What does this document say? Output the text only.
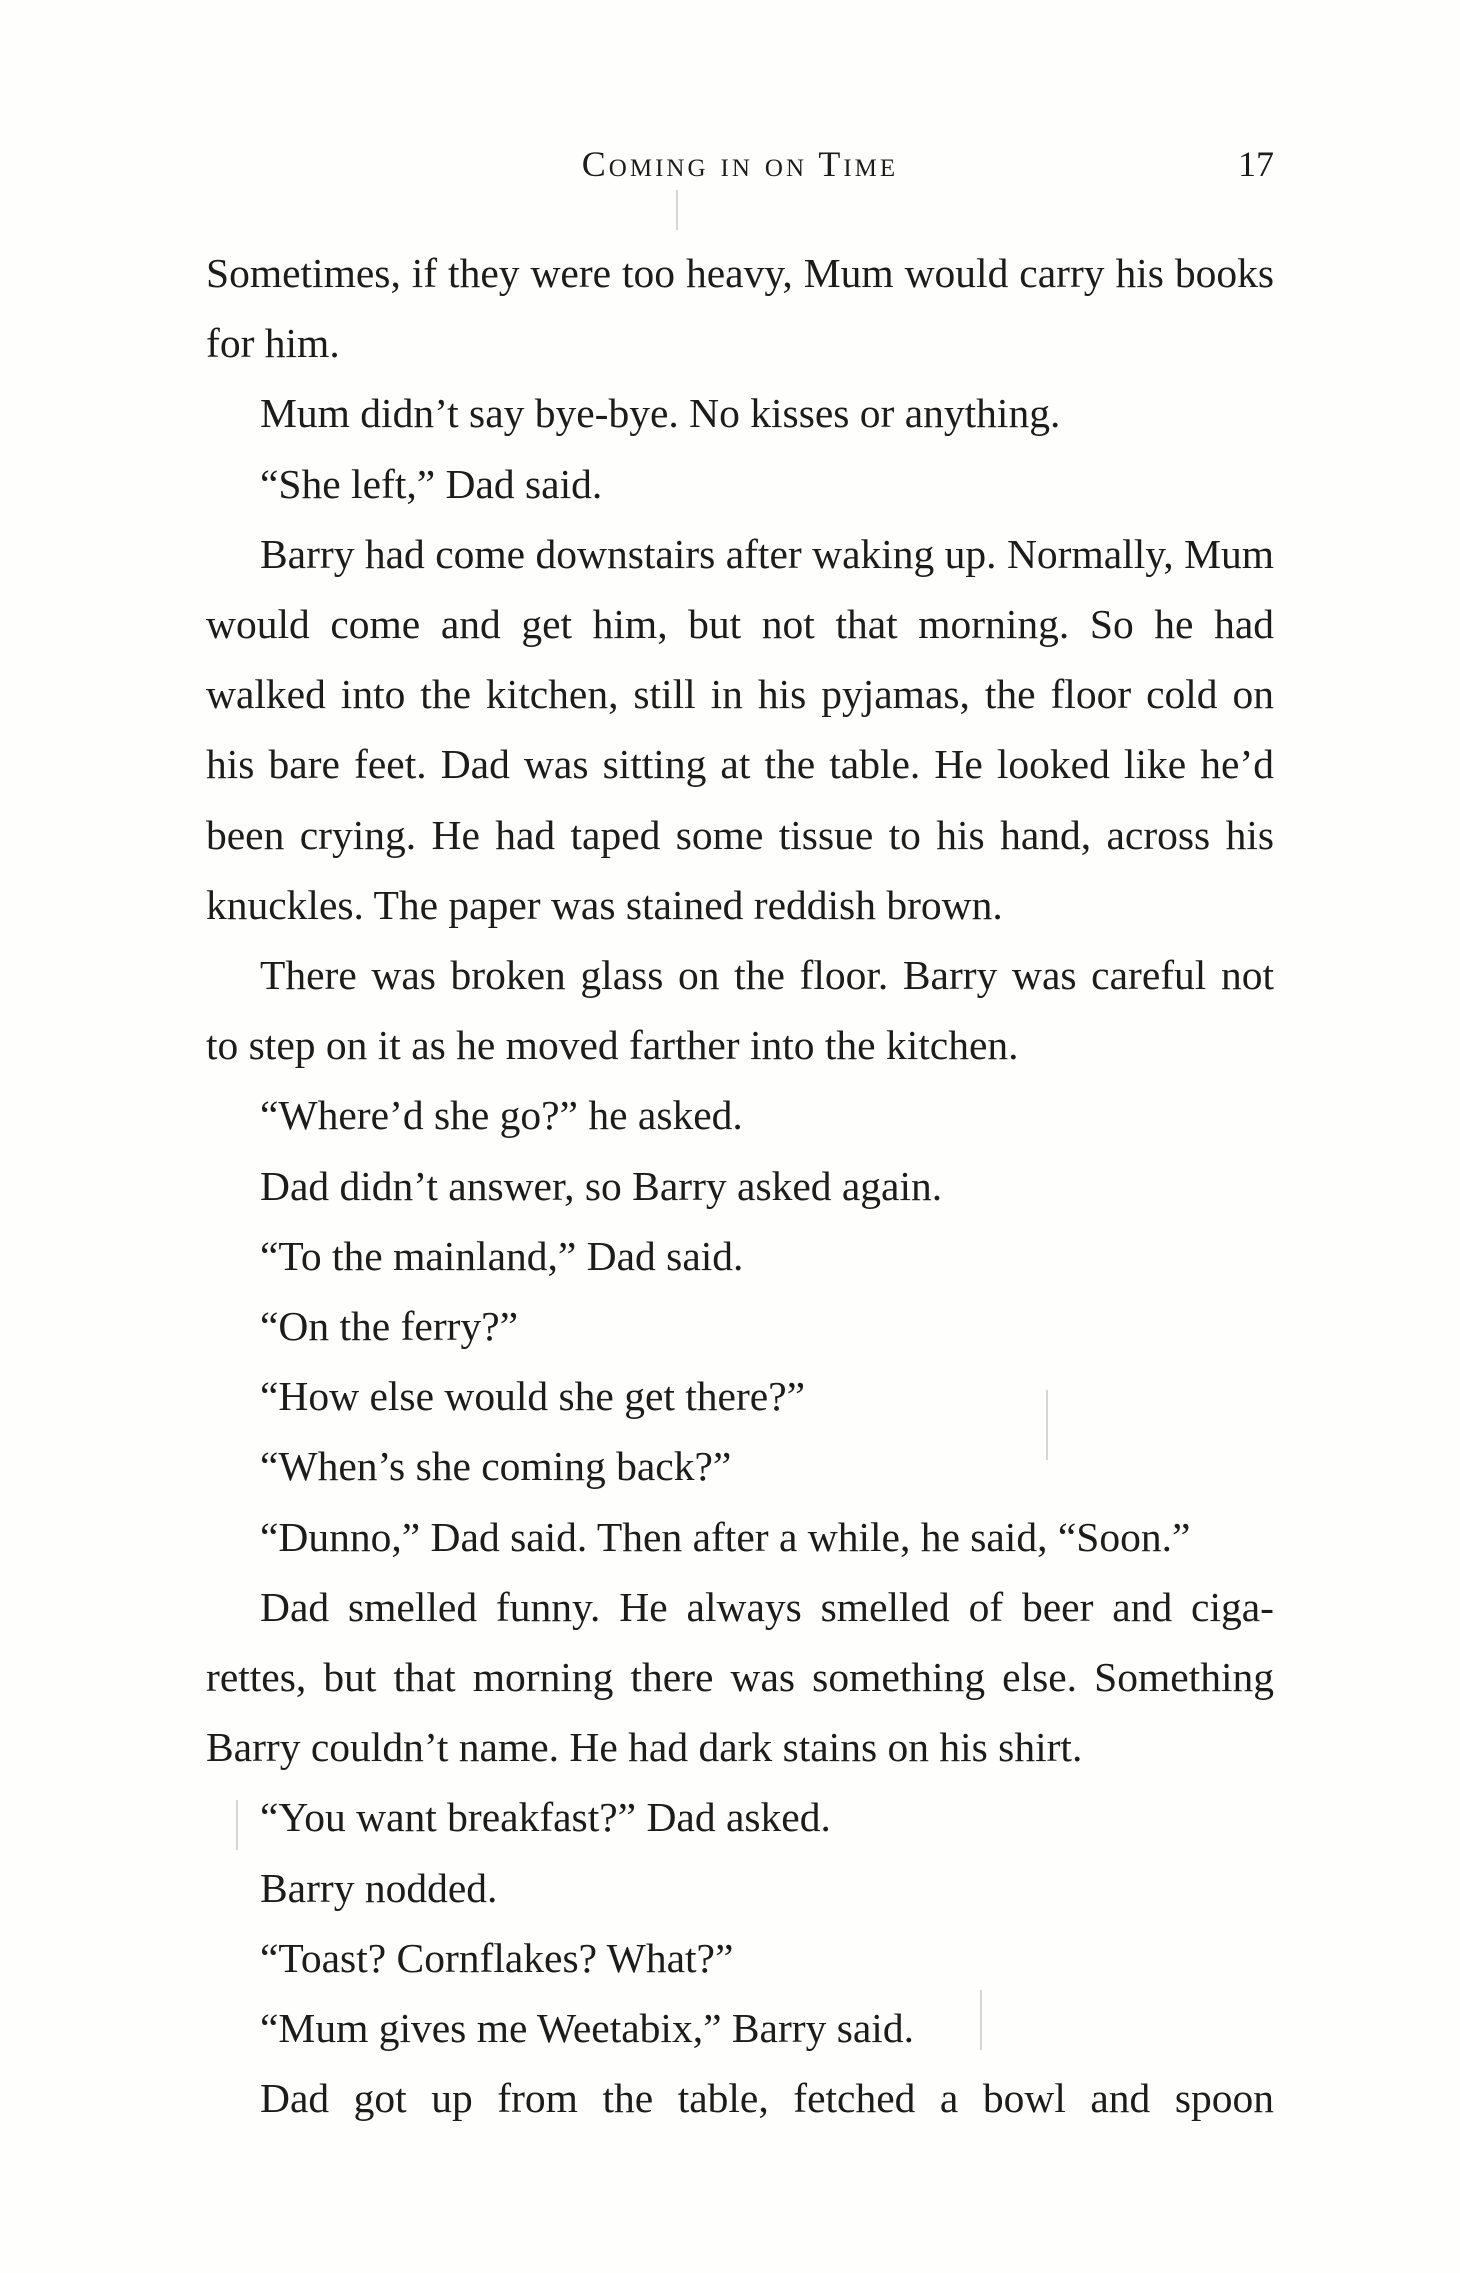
Coming in on Time	17

Sometimes, if they were too heavy, Mum would carry his books for him.

Mum didn’t say bye-bye. No kisses or anything.

“She left,” Dad said.

Barry had come downstairs after waking up. Normally, Mum would come and get him, but not that morning. So he had walked into the kitchen, still in his pyjamas, the floor cold on his bare feet. Dad was sitting at the table. He looked like he’d been crying. He had taped some tissue to his hand, across his knuckles. The paper was stained reddish brown.

There was broken glass on the floor. Barry was careful not to step on it as he moved farther into the kitchen.

“Where’d she go?” he asked.

Dad didn’t answer, so Barry asked again.

“To the mainland,” Dad said.

“On the ferry?”

“How else would she get there?”

“When’s she coming back?”

“Dunno,” Dad said. Then after a while, he said, “Soon.”

Dad smelled funny. He always smelled of beer and cigarettes, but that morning there was something else. Something Barry couldn’t name. He had dark stains on his shirt.

“You want breakfast?” Dad asked.

Barry nodded.

“Toast? Cornflakes? What?”

“Mum gives me Weetabix,” Barry said.

Dad got up from the table, fetched a bowl and spoon
